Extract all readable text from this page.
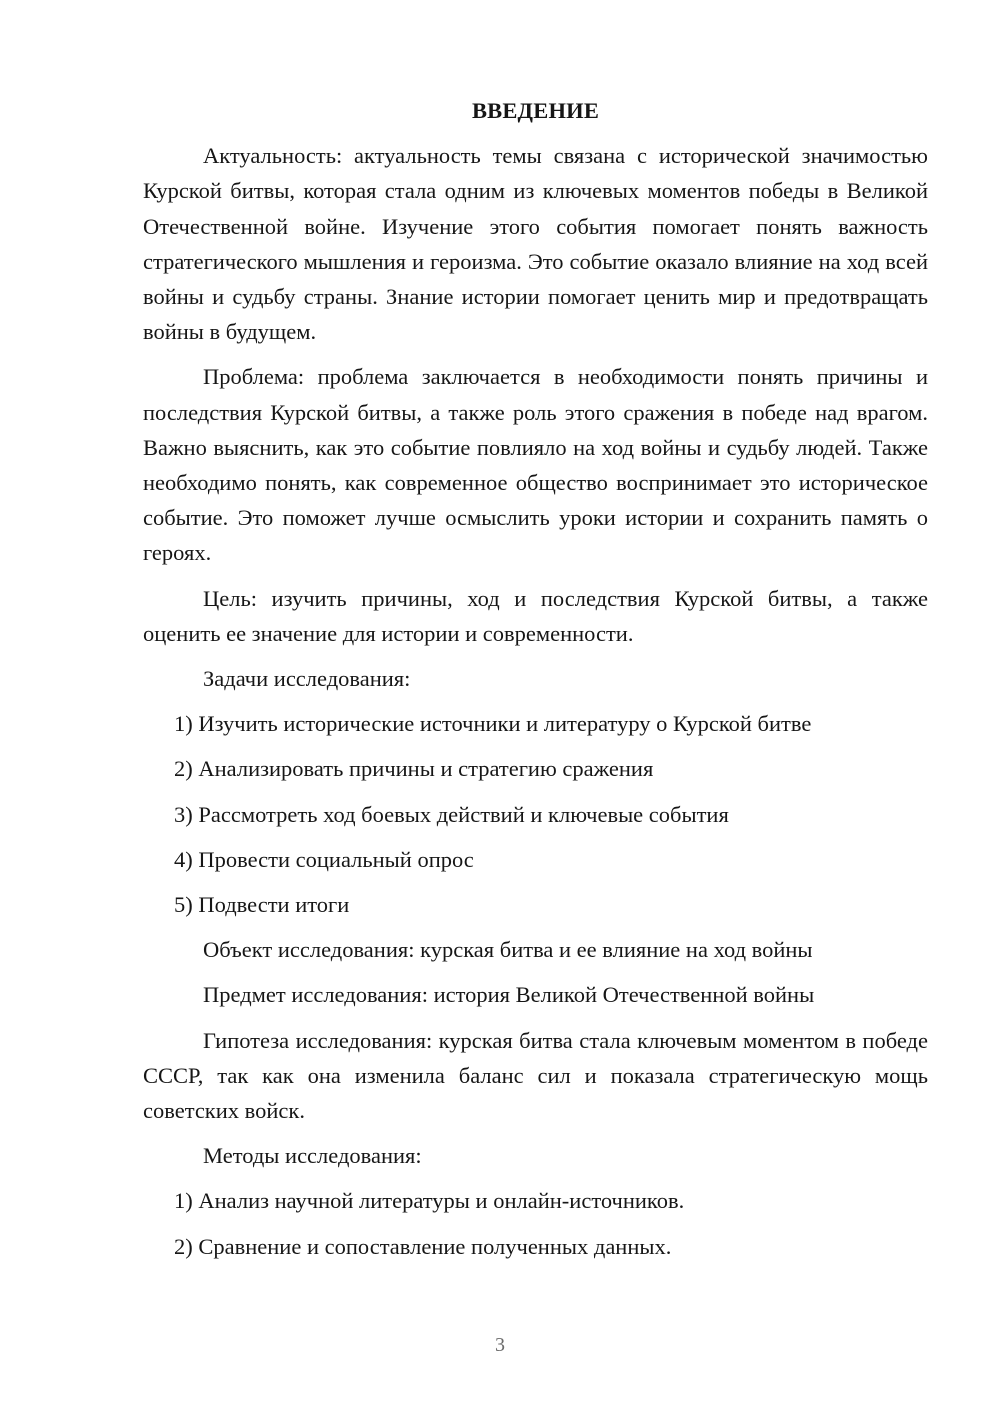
ВВЕДЕНИЕ

Актуальность: актуальность темы связана с исторической значимостью Курской битвы, которая стала одним из ключевых моментов победы в Великой Отечественной войне. Изучение этого события помогает понять важность стратегического мышления и героизма. Это событие оказало влияние на ход всей войны и судьбу страны. Знание истории помогает ценить мир и предотвращать войны в будущем.

Проблема: проблема заключается в необходимости понять причины и последствия Курской битвы, а также роль этого сражения в победе над врагом. Важно выяснить, как это событие повлияло на ход войны и судьбу людей. Также необходимо понять, как современное общество воспринимает это историческое событие. Это поможет лучше осмыслить уроки истории и сохранить память о героях.

Цель: изучить причины, ход и последствия Курской битвы, а также оценить ее значение для истории и современности.

Задачи исследования:
1) Изучить исторические источники и литературу о Курской битве
2) Анализировать причины и стратегию сражения
3) Рассмотреть ход боевых действий и ключевые события
4) Провести социальный опрос
5) Подвести итоги
Объект исследования: курская битва и ее влияние на ход войны
Предмет исследования: история Великой Отечественной войны

Гипотеза исследования: курская битва стала ключевым моментом в победе СССР, так как она изменила баланс сил и показала стратегическую мощь советских войск.

Методы исследования:
1) Анализ научной литературы и онлайн-источников.
2) Сравнение и сопоставление полученных данных.
3
